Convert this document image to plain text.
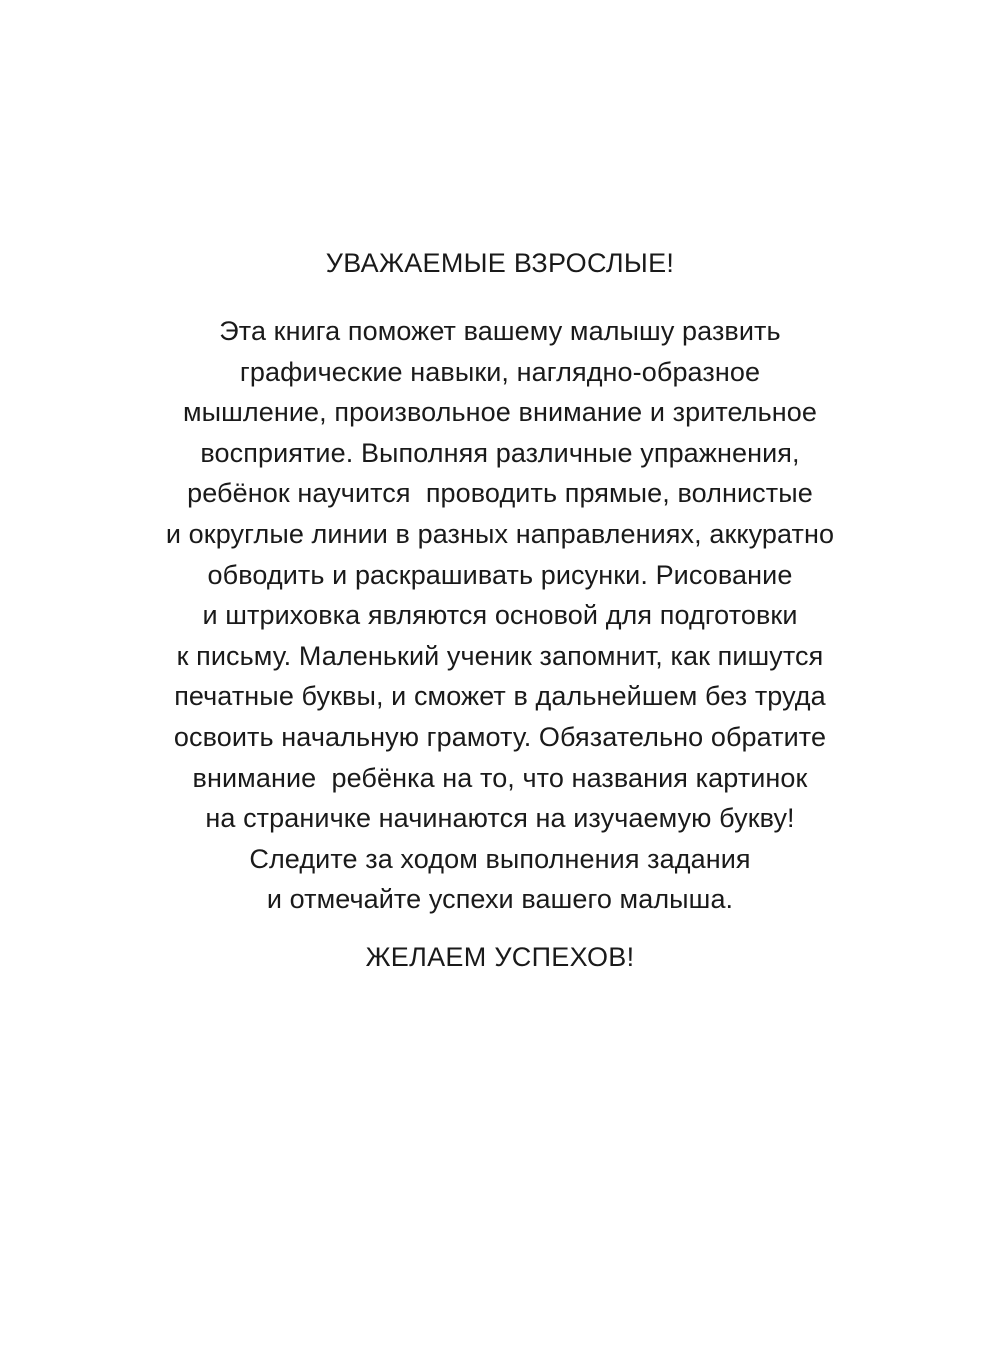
УВАЖАЕМЫЕ ВЗРОСЛЫЕ!
Эта книга поможет вашему малышу развить
графические навыки, наглядно-образное
мышление, произвольное внимание и зрительное
восприятие. Выполняя различные упражнения,
ребёнок научится  проводить прямые, волнистые
и округлые линии в разных направлениях, аккуратно
обводить и раскрашивать рисунки. Рисование
и штриховка являются основой для подготовки
к письму. Маленький ученик запомнит, как пишутся
печатные буквы, и сможет в дальнейшем без труда
освоить начальную грамоту. Обязательно обратите
внимание  ребёнка на то, что названия картинок
на страничке начинаются на изучаемую букву!
Следите за ходом выполнения задания
и отмечайте успехи вашего малыша.
ЖЕЛАЕМ УСПЕХОВ!
